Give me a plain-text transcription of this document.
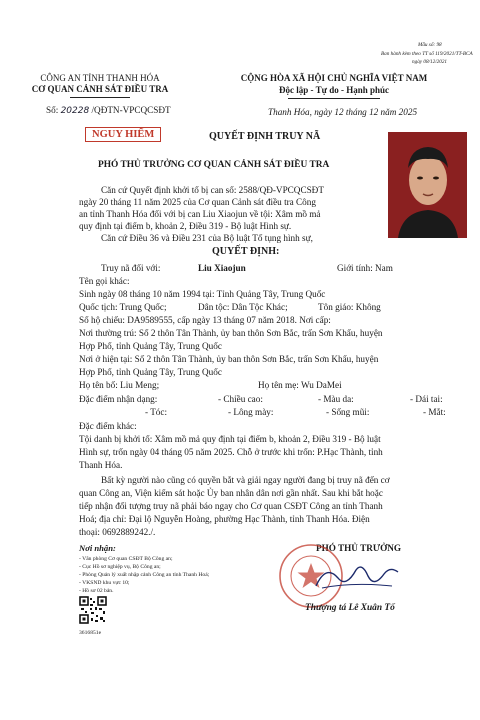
Mẫu số: 98
Ban hành kèm theo TT số 119/2021/TT-BCA
ngày 08/12/2021
CÔNG AN TỈNH THANH HÓA
CƠ QUAN CẢNH SÁT ĐIỀU TRA
Số: 20228 /QĐTN-VPCQCSĐT
CỘNG HÒA XÃ HỘI CHỦ NGHĨA VIỆT NAM
Độc lập - Tự do - Hạnh phúc
Thanh Hóa, ngày 12 tháng 12 năm 2025
NGUY HIỂM	QUYẾT ĐỊNH TRUY NÃ
PHÓ THỦ TRƯỞNG CƠ QUAN CẢNH SÁT ĐIỀU TRA
Căn cứ Quyết định khởi tố bị can số: 2588/QĐ-VPCQCSĐT
ngày 20 tháng 11 năm 2025 của Cơ quan Cảnh sát điều tra Công
an tỉnh Thanh Hóa đối với bị can Liu Xiaojun về tội: Xâm mồ mả
quy định tại điểm b, khoản 2, Điều 319 - Bộ luật Hình sự.
Căn cứ Điều 36 và Điều 231 của Bộ luật Tố tụng hình sự,
QUYẾT ĐỊNH:
Truy nã đối với:	Liu Xiaojun	Giới tính: Nam
Tên gọi khác:
Sinh ngày 08 tháng 10 năm 1994 tại: Tỉnh Quảng Tây, Trung Quốc
Quốc tịch: Trung Quốc;	Dân tộc: Dân Tộc Khác;	Tôn giáo: Không
Số hộ chiếu: DA9589555, cấp ngày 13 tháng 07 năm 2018. Nơi cấp:
Nơi thường trú: Số 2 thôn Tân Thành, ủy ban thôn Sơn Bắc, trấn Sơn Khẩu, huyện
Hợp Phố, tỉnh Quảng Tây, Trung Quốc
Nơi ở hiện tại: Số 2 thôn Tân Thành, ủy ban thôn Sơn Bắc, trấn Sơn Khẩu, huyện
Hợp Phố, tỉnh Quảng Tây, Trung Quốc
Họ tên bố: Liu Meng;	Họ tên mẹ: Wu DaMei
Đặc điểm nhận dạng:	- Chiều cao:	- Màu da:	- Dái tai:
- Tóc:	- Lông mày:	- Sống mũi:	- Mắt:
Đặc điểm khác:
Tội danh bị khởi tố: Xâm mồ mả quy định tại điểm b, khoản 2, Điều 319 - Bộ luật
Hình sự, trốn ngày 04 tháng 05 năm 2025. Chỗ ở trước khi trốn: P.Hạc Thành, tỉnh
Thanh Hóa.
Bất kỳ người nào cũng có quyền bắt và giải ngay người đang bị truy nã đến cơ
quan Công an, Viện kiểm sát hoặc Ủy ban nhân dân nơi gần nhất. Sau khi bắt hoặc
tiếp nhận đối tượng truy nã phải báo ngay cho Cơ quan CSĐT Công an tỉnh Thanh
Hoá; địa chỉ: Đại lộ Nguyễn Hoàng, phường Hạc Thành, tỉnh Thanh Hóa. Điện
thoại: 0692889242./.
Nơi nhận:
- Văn phòng Cơ quan CSĐT Bộ Công an;
- Cục Hồ sơ nghiệp vụ, Bộ Công an;
- Phòng Quản lý xuất nhập cảnh Công an tỉnh Thanh Hoá;
- VKSND khu vực 10;
- Hồ sơ 02 bản.
3616851e
PHÓ THỦ TRƯỞNG
Thượng tá Lê Xuân Tố
